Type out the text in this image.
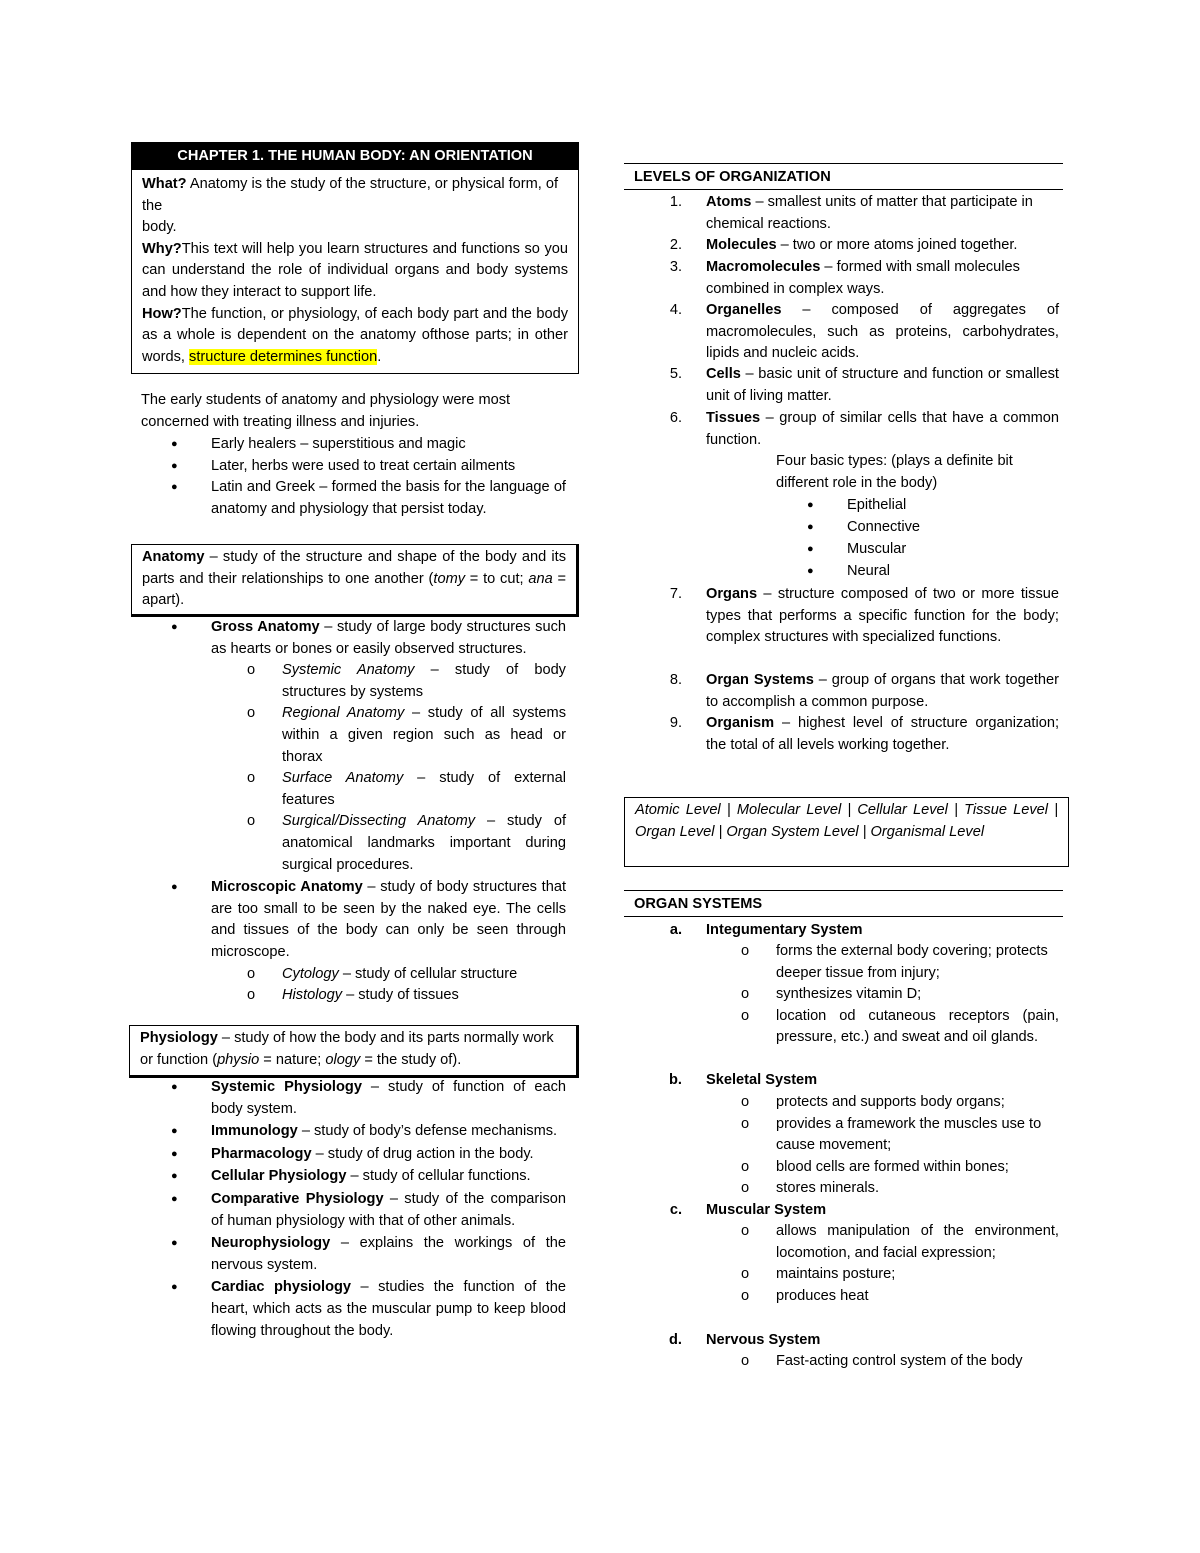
CHAPTER 1. THE HUMAN BODY: AN ORIENTATION
What? Anatomy is the study of the structure, or physical form, of the
body.
Why?This text will help you learn structures and functions so you can understand the role of individual organs and body systems and how they interact to support life.
How?The function, or physiology, of each body part and the body as a whole is dependent on the anatomy ofthose parts; in other words, structure determines function.
The early students of anatomy and physiology were most concerned with treating illness and injuries.
● Early healers – superstitious and magic
● Later, herbs were used to treat certain ailments
● Latin and Greek – formed the basis for the language of anatomy and physiology that persist today.
Anatomy – study of the structure and shape of the body and its parts and their relationships to one another (tomy = to cut; ana = apart).
● Gross Anatomy – study of large body structures such as hearts or bones or easily observed structures.
o Systemic Anatomy – study of body structures by systems
o Regional Anatomy – study of all systems within a given region such as head or thorax
o Surface Anatomy – study of external features
o Surgical/Dissecting Anatomy – study of anatomical landmarks important during surgical procedures.
● Microscopic Anatomy – study of body structures that are too small to be seen by the naked eye. The cells and tissues of the body can only be seen through microscope.
o Cytology – study of cellular structure
o Histology – study of tissues
Physiology – study of how the body and its parts normally work or function (physio = nature; ology = the study of).
● Systemic Physiology – study of function of each body system.
● Immunology – study of body’s defense mechanisms.
● Pharmacology – study of drug action in the body.
● Cellular Physiology – study of cellular functions.
● Comparative Physiology – study of the comparison of human physiology with that of other animals.
● Neurophysiology – explains the workings of the nervous system.
● Cardiac physiology – studies the function of the heart, which acts as the muscular pump to keep blood flowing throughout the body.
LEVELS OF ORGANIZATION
1. Atoms – smallest units of matter that participate in chemical reactions.
2. Molecules – two or more atoms joined together.
3. Macromolecules – formed with small molecules combined in complex ways.
4. Organelles – composed of aggregates of macromolecules, such as proteins, carbohydrates, lipids and nucleic acids.
5. Cells – basic unit of structure and function or smallest unit of living matter.
6. Tissues – group of similar cells that have a common function.
Four basic types: (plays a definite bit different role in the body)
● Epithelial
● Connective
● Muscular
● Neural
7. Organs – structure composed of two or more tissue types that performs a specific function for the body; complex structures with specialized functions.
8. Organ Systems – group of organs that work together to accomplish a common purpose.
9. Organism – highest level of structure organization; the total of all levels working together.
Atomic Level | Molecular Level | Cellular Level | Tissue Level | Organ Level | Organ System Level | Organismal Level
ORGAN SYSTEMS
a. Integumentary System
o forms the external body covering; protects deeper tissue from injury;
o synthesizes vitamin D;
o location od cutaneous receptors (pain, pressure, etc.) and sweat and oil glands.
b. Skeletal System
o protects and supports body organs;
o provides a framework the muscles use to cause movement;
o blood cells are formed within bones;
o stores minerals.
c. Muscular System
o allows manipulation of the environment, locomotion, and facial expression;
o maintains posture;
o produces heat
d. Nervous System
o Fast-acting control system of the body
